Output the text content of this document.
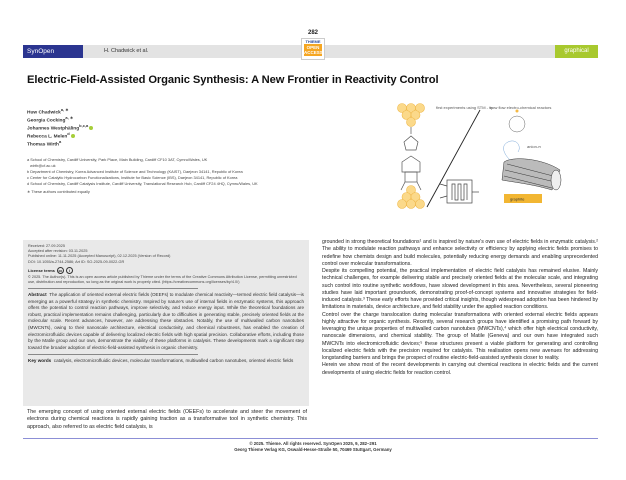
282
SynOpen	H. Chadwick et al.
THIEME
OPEN
ACCESS	graphical review
Electric-Field-Assisted Organic Synthesis: A New Frontier in Reactivity Control
Huw Chadwick$^{a, ∗}$
Georgia Cocking$^{a, ∗}$
Johannes Westphäling$^{b,c,a}$
Rebecca L. Melen$^d$
Thomas Wirth$^a$
a School of Chemistry, Cardiff University, Park Place, Main Building, Cardiff CF10 3AT, Cymru/Wales, UK
wirth@cf.ac.uk
b Department of Chemistry, Korea Advanced Institute of Science and Technology (KAIST), Daejeon 34141, Republic of Korea
c Center for Catalytic Hydrocarbon Functionalizations, Institute for Basic Science (IBS), Daejeon 34141, Republic of Korea
d School of Chemistry, Cardiff Catalysis Institute, Cardiff University, Translational Research Hub, Cardiff CF24 4HQ, Cymru/Wales, UK
∗ These authors contributed equally
first experiments using STM - tip
now flow electro-chemical reactors
anion-π
graphite
Received: 27.09.2025
Accepted after revision: 03.11.2025
Published online: 11.11.2025 (Accepted Manuscript), 02.12.2025 (Version of Record)
DOI: 10.1055/a-2744-2586; Art ID: SO-2025-09-0022-GR
License terms	cc	i
© 2025. The Author(s). This is an open access article published by Thieme under the terms of the Creative Commons Attribution License, permitting unrestricted use, distribution and reproduction, so long as the original work is properly cited. (https://creativecommons.org/licenses/by/4.0/)
Abstract The application of oriented external electric fields (OEEFs) to modulate chemical reactivity—termed electric field catalysis—is emerging as a powerful strategy in synthetic chemistry. Inspired by nature's use of internal fields in enzymatic systems, this approach offers the potential to control reaction pathways, improve selectivity, and reduce energy input. While the theoretical foundations are robust, practical implementation remains challenging, particularly due to difficulties in generating stable, precisely oriented fields at the molecular scale. Recent advances, however, are addressing these obstacles. Notably, the use of multiwalled carbon nanotubes (MWCNTs), owing to their nanoscale architecture, electrical conductivity, and chemical robustness, has enabled the creation of electromicrofluidic devices capable of delivering localized electric fields with high spatial precision. Collaborative efforts, including those by the Matile group and our own, demonstrate the viability of these platforms in catalysis. These developments mark a significant step toward the broader adoption of electric-field-assisted synthesis in organic chemistry.
Key words catalysis, electromicrofluidic devices, molecular transformations, multiwalled carbon nanotubes, oriented electric fields
The emerging concept of using oriented external electric fields (OEEFs) to accelerate and steer the movement of electrons during chemical reactions is rapidly gaining traction as a transformative tool in synthetic chemistry. This approach, also referred to as electric field catalysis, is

grounded in strong theoretical foundations¹ and is inspired by nature's own use of electric fields in enzymatic catalysis.² The ability to modulate reaction pathways and enhance selectivity or efficiency by applying electric fields promises to redefine how chemists design and build molecules, potentially reducing energy demands and enabling unprecedented control over molecular transformations.

Despite its compelling potential, the practical implementation of electric field catalysis has remained elusive. Mainly technical challenges, for example delivering stable and precisely oriented fields at the molecular scale, and integrating such control into routine synthetic workflows, have slowed development in this area. Nevertheless, several pioneering studies have laid important groundwork, demonstrating proof-of-concept systems and innovative strategies for field-induced catalysis.³ These early efforts have provided critical insights, though widespread adoption has been hindered by limitations in materials, device architecture, and field stability under the applied reaction conditions.

Control over the charge translocation during molecular transformations with oriented external electric fields appears highly attractive for organic synthesis. Recently, several research groups have identified a promising path forward by leveraging the unique properties of multiwalled carbon nanotubes (MWCNTs),⁴ which offer high electrical conductivity, nanoscale dimensions, and chemical stability. The group of Matile (Geneva) and our own have integrated such MWCNTs into electromicrofluidic devices;⁵ these structures present a viable platform for generating and controlling localized electric fields with the precision required for catalysis. This realisation opens new avenues for addressing longstanding barriers and brings the prospect of routine electric-field-assisted synthesis closer to reality.

Herein we show most of the recent developments in carrying out chemical reactions in electric fields and the current developments of using electric fields for reaction control.

© 2025. Thieme. All rights reserved. SynOpen 2025, 9, 282–291
Georg Thieme Verlag KG, Oswald-Hesse-Straße 50, 70469 Stuttgart, Germany
